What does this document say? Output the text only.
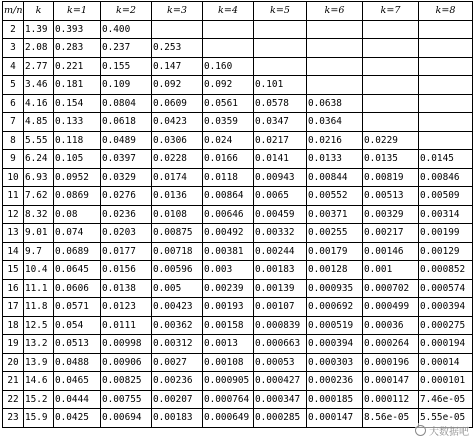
m/n	k	k=1	k=2	k=3	k=4	k=5	k=6	k=7	k=8
2	1.39	0.393	0.400						
3	2.08	0.283	0.237	0.253					
4	2.77	0.221	0.155	0.147	0.160				
5	3.46	0.181	0.109	0.092	0.092	0.101			
6	4.16	0.154	0.0804	0.0609	0.0561	0.0578	0.0638		
7	4.85	0.133	0.0618	0.0423	0.0359	0.0347	0.0364		
8	5.55	0.118	0.0489	0.0306	0.024	0.0217	0.0216	0.0229	
9	6.24	0.105	0.0397	0.0228	0.0166	0.0141	0.0133	0.0135	0.0145
10	6.93	0.0952	0.0329	0.0174	0.0118	0.00943	0.00844	0.00819	0.00846
11	7.62	0.0869	0.0276	0.0136	0.00864	0.0065	0.00552	0.00513	0.00509
12	8.32	0.08	0.0236	0.0108	0.00646	0.00459	0.00371	0.00329	0.00314
13	9.01	0.074	0.0203	0.00875	0.00492	0.00332	0.00255	0.00217	0.00199
14	9.7	0.0689	0.0177	0.00718	0.00381	0.00244	0.00179	0.00146	0.00129
15	10.4	0.0645	0.0156	0.00596	0.003	0.00183	0.00128	0.001	0.000852
16	11.1	0.0606	0.0138	0.005	0.00239	0.00139	0.000935	0.000702	0.000574
17	11.8	0.0571	0.0123	0.00423	0.00193	0.00107	0.000692	0.000499	0.000394
18	12.5	0.054	0.0111	0.00362	0.00158	0.000839	0.000519	0.00036	0.000275
19	13.2	0.0513	0.00998	0.00312	0.0013	0.000663	0.000394	0.000264	0.000194
20	13.9	0.0488	0.00906	0.0027	0.00108	0.00053	0.000303	0.000196	0.00014
21	14.6	0.0465	0.00825	0.00236	0.000905	0.000427	0.000236	0.000147	0.000101
22	15.2	0.0444	0.00755	0.00207	0.000764	0.000347	0.000185	0.000112	7.46e-05
23	15.9	0.0425	0.00694	0.00183	0.000649	0.000285	0.000147	8.56e-05	5.55e-05
大数据吧
